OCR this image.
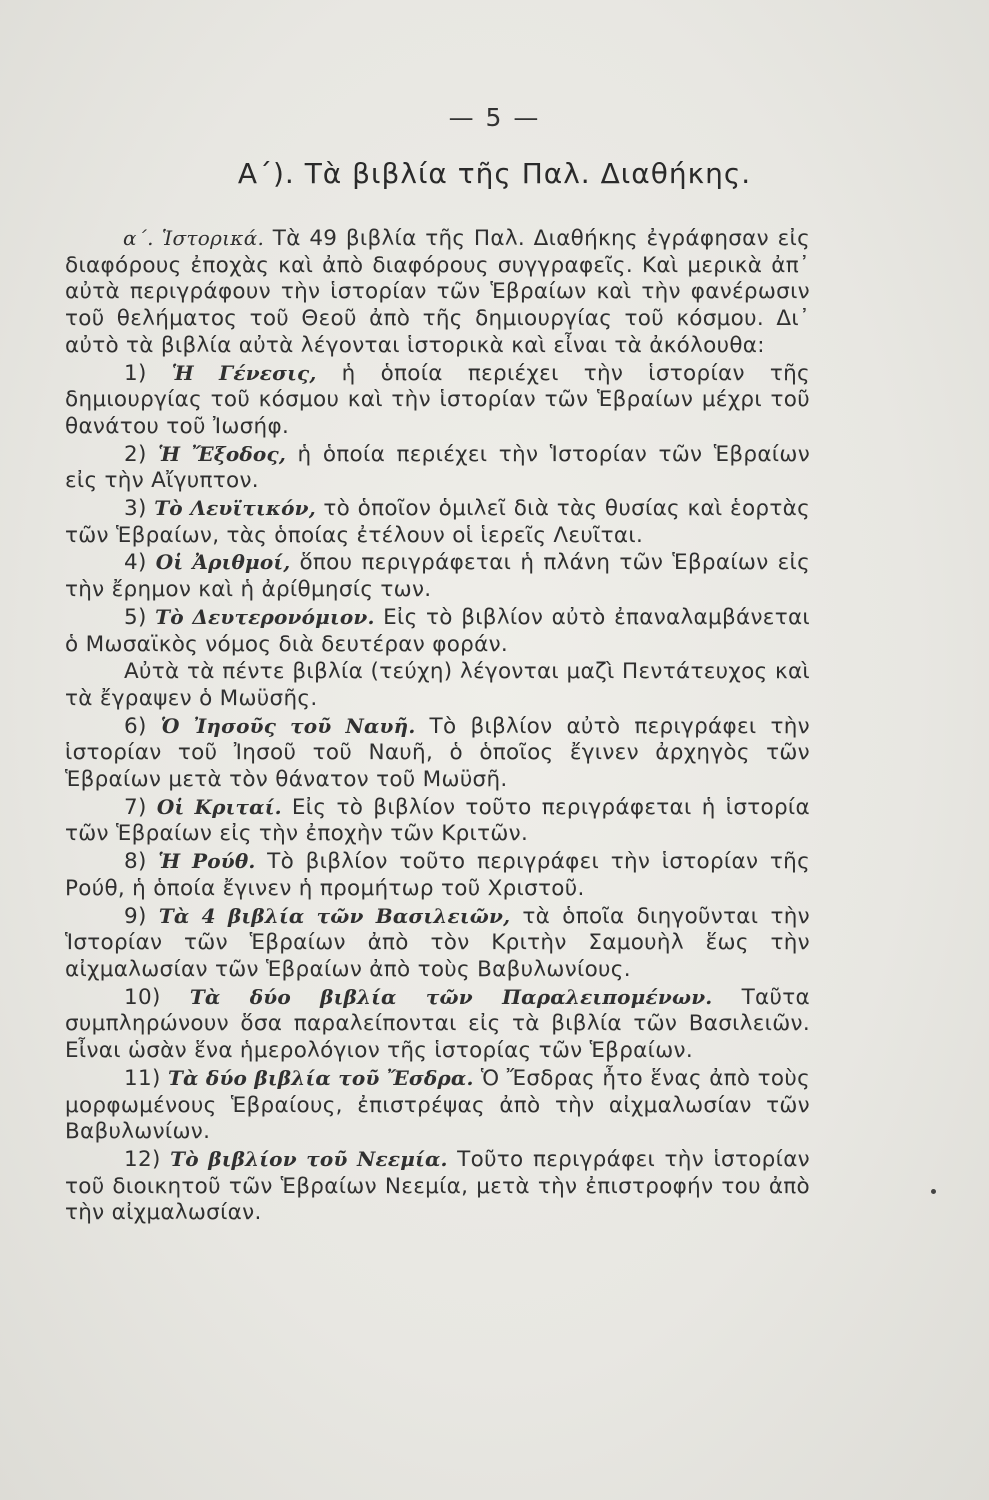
— 5 —
Α΄). Τὰ βιβλία τῆς Παλ. Διαθήκης.

α΄. Ἱστορικά. Τὰ 49 βιβλία τῆς Παλ. Διαθήκης ἐγράφησαν εἰς διαφόρους ἐποχὰς καὶ ἀπὸ διαφόρους συγγραφεῖς. Καὶ μερικὰ ἀπ᾽ αὐτὰ περιγράφουν τὴν ἱστορίαν τῶν Ἑβραίων καὶ τὴν φανέρωσιν τοῦ θελήματος τοῦ Θεοῦ ἀπὸ τῆς δημιουργίας τοῦ κόσμου. Δι᾽ αὐτὸ τὰ βιβλία αὐτὰ λέγονται ἱστορικὰ καὶ εἶναι τὰ ἀκόλουθα:

1) Ἡ Γένεσις, ἡ ὁποία περιέχει τὴν ἱστορίαν τῆς δημιουργίας τοῦ κόσμου καὶ τὴν ἱστορίαν τῶν Ἑβραίων μέχρι τοῦ θανάτου τοῦ Ἰωσήφ.

2) Ἡ Ἔξοδος, ἡ ὁποία περιέχει τὴν Ἱστορίαν τῶν Ἑβραίων εἰς τὴν Αἴγυπτον.

3) Τὸ Λευϊτικόν, τὸ ὁποῖον ὁμιλεῖ διὰ τὰς θυσίας καὶ ἑορτὰς τῶν Ἑβραίων, τὰς ὁποίας ἐτέλουν οἱ ἱερεῖς Λευῖται.

4) Οἱ Ἀριθμοί, ὅπου περιγράφεται ἡ πλάνη τῶν Ἑβραίων εἰς τὴν ἔρημον καὶ ἡ ἀρίθμησίς των.

5) Τὸ Δευτερονόμιον. Εἰς τὸ βιβλίον αὐτὸ ἐπαναλαμβάνεται ὁ Μωσαϊκὸς νόμος διὰ δευτέραν φοράν.

Αὐτὰ τὰ πέντε βιβλία (τεύχη) λέγονται μαζὶ Πεντάτευχος καὶ τὰ ἔγραψεν ὁ Μωϋσῆς.

6) Ὁ Ἰησοῦς τοῦ Ναυῆ. Τὸ βιβλίον αὐτὸ περιγράφει τὴν ἱστορίαν τοῦ Ἰησοῦ τοῦ Ναυῆ, ὁ ὁποῖος ἔγινεν ἀρχηγὸς τῶν Ἑβραίων μετὰ τὸν θάνατον τοῦ Μωϋσῆ.

7) Οἱ Κριταί. Εἰς τὸ βιβλίον τοῦτο περιγράφεται ἡ ἱστορία τῶν Ἑβραίων εἰς τὴν ἐποχὴν τῶν Κριτῶν.

8) Ἡ Ρούθ. Τὸ βιβλίον τοῦτο περιγράφει τὴν ἱστορίαν τῆς Ρούθ, ἡ ὁποία ἔγινεν ἡ προμήτωρ τοῦ Χριστοῦ.

9) Τὰ 4 βιβλία τῶν Βασιλειῶν, τὰ ὁποῖα διηγοῦνται τὴν Ἱστορίαν τῶν Ἑβραίων ἀπὸ τὸν Κριτὴν Σαμουὴλ ἕως τὴν αἰχμαλωσίαν τῶν Ἑβραίων ἀπὸ τοὺς Βαβυλωνίους.

10) Τὰ δύο βιβλία τῶν Παραλειπομένων. Ταῦτα συμπληρώνουν ὅσα παραλείπονται εἰς τὰ βιβλία τῶν Βασιλειῶν. Εἶναι ὡσὰν ἕνα ἡμερολόγιον τῆς ἱστορίας τῶν Ἑβραίων.

11) Τὰ δύο βιβλία τοῦ Ἔσδρα. Ὁ Ἔσδρας ἦτο ἕνας ἀπὸ τοὺς μορφωμένους Ἑβραίους, ἐπιστρέψας ἀπὸ τὴν αἰχμαλωσίαν τῶν Βαβυλωνίων.

12) Τὸ βιβλίον τοῦ Νεεμία. Τοῦτο περιγράφει τὴν ἱστορίαν τοῦ διοικητοῦ τῶν Ἑβραίων Νεεμία, μετὰ τὴν ἐπιστροφήν του ἀπὸ τὴν αἰχμαλωσίαν.
